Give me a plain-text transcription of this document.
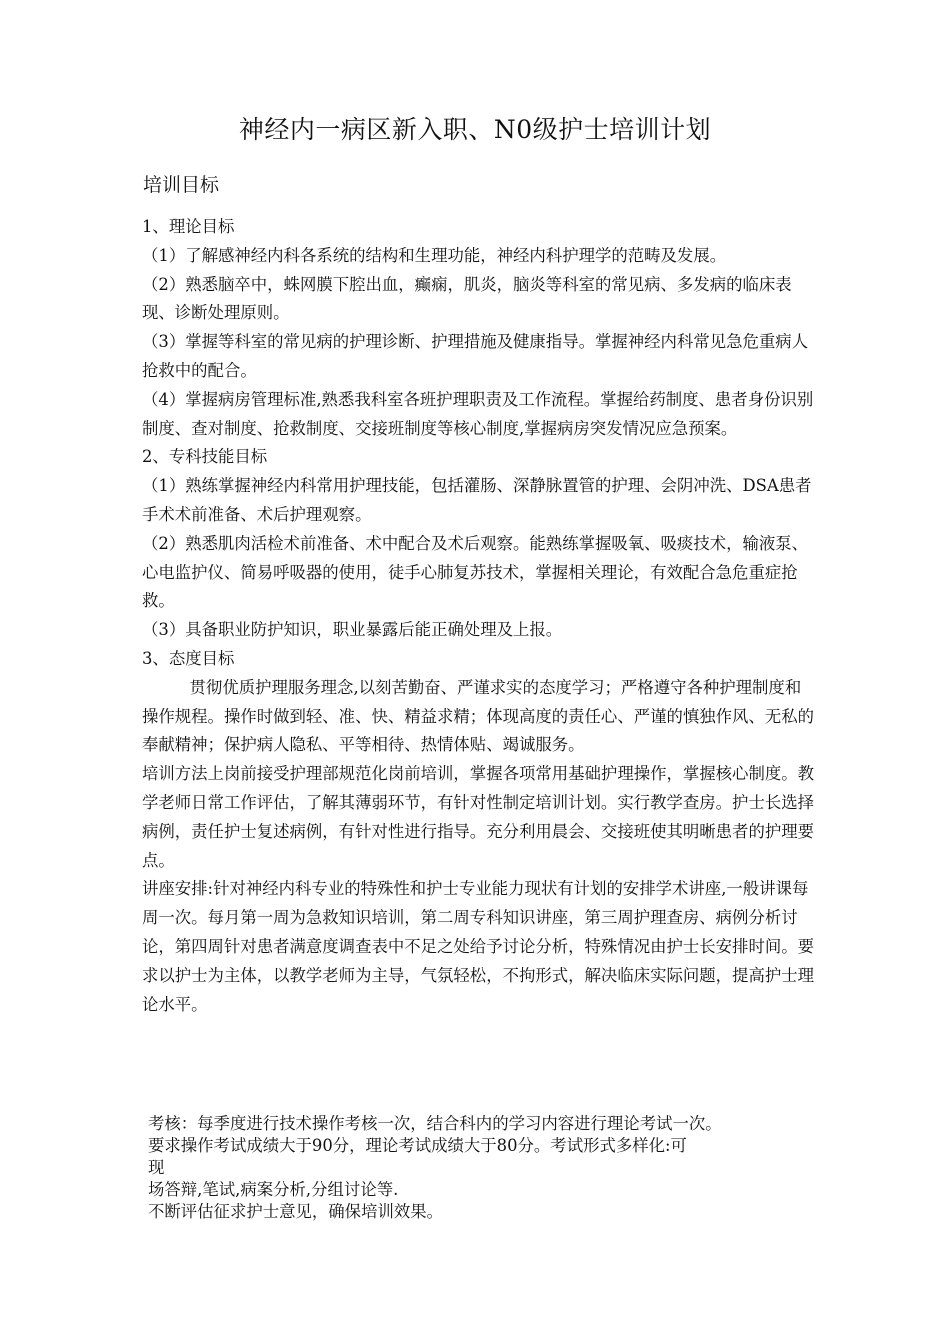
神经内一病区新入职、N0级护士培训计划
培训目标

1、理论目标

（1）了解感神经内科各系统的结构和生理功能，神经内科护理学的范畴及发展。

（2）熟悉脑卒中，蛛网膜下腔出血，癫痫，肌炎，脑炎等科室的常见病、多发病的临床表现、诊断处理原则。

（3）掌握等科室的常见病的护理诊断、护理措施及健康指导。掌握神经内科常见急危重病人抢救中的配合。

（4）掌握病房管理标准,熟悉我科室各班护理职责及工作流程。掌握给药制度、患者身份识别制度、查对制度、抢救制度、交接班制度等核心制度,掌握病房突发情况应急预案。

2、专科技能目标

（1）熟练掌握神经内科常用护理技能，包括灌肠、深静脉置管的护理、会阴冲洗、DSA患者手术术前准备、术后护理观察。

（2）熟悉肌肉活检术前准备、术中配合及术后观察。能熟练掌握吸氧、吸痰技术，输液泵、心电监护仪、简易呼吸器的使用，徒手心肺复苏技术，掌握相关理论，有效配合急危重症抢救。

（3）具备职业防护知识，职业暴露后能正确处理及上报。

3、态度目标

贯彻优质护理服务理念,以刻苦勤奋、严谨求实的态度学习；严格遵守各种护理制度和操作规程。操作时做到轻、准、快、精益求精；体现高度的责任心、严谨的慎独作风、无私的奉献精神；保护病人隐私、平等相待、热情体贴、竭诚服务。

培训方法上岗前接受护理部规范化岗前培训，掌握各项常用基础护理操作，掌握核心制度。教学老师日常工作评估，了解其薄弱环节，有针对性制定培训计划。实行教学查房。护士长选择病例，责任护士复述病例，有针对性进行指导。充分利用晨会、交接班使其明晰患者的护理要点。

讲座安排:针对神经内科专业的特殊性和护士专业能力现状有计划的安排学术讲座,一般讲课每周一次。每月第一周为急救知识培训，第二周专科知识讲座，第三周护理查房、病例分析讨论，第四周针对患者满意度调查表中不足之处给予讨论分析，特殊情况由护士长安排时间。要求以护士为主体，以教学老师为主导，气氛轻松，不拘形式，解决临床实际问题，提高护士理论水平。

考核：每季度进行技术操作考核一次，结合科内的学习内容进行理论考试一次。

要求操作考试成绩大于90分，理论考试成绩大于80分。考试形式多样化:可

现

场答辩,笔试,病案分析,分组讨论等.

不断评估征求护士意见，确保培训效果。
